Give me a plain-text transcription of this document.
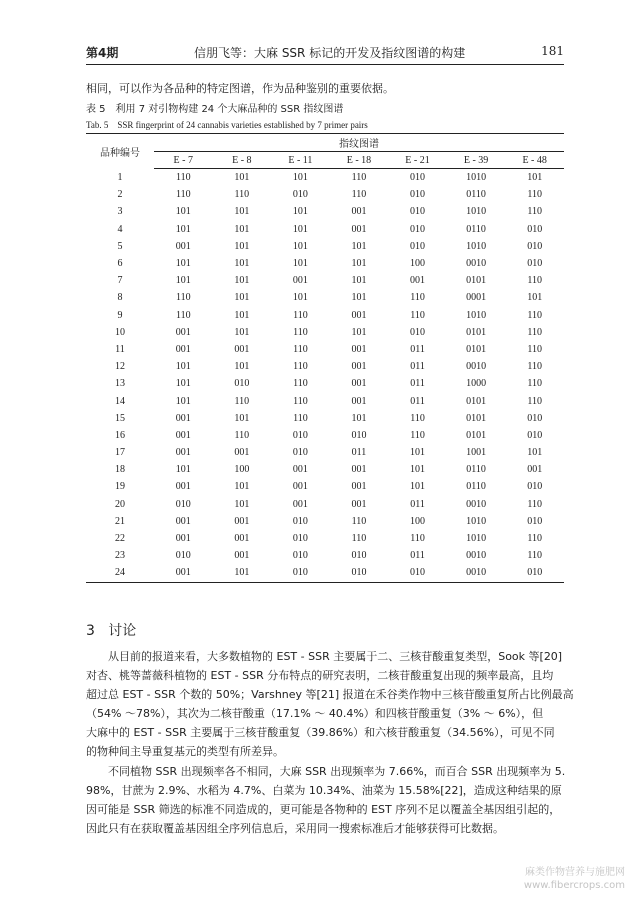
第4期	信朋飞等：大麻 SSR 标记的开发及指纹图谱的构建	181
相同，可以作为各品种的特定图谱，作为品种鉴别的重要依据。
表 5　利用 7 对引物构建 24 个大麻品种的 SSR 指纹图谱
Tab. 5　SSR fingerprint of 24 cannabis varieties established by 7 primer pairs
品种编号	指纹图谱						
	E - 7	E - 8	E - 11	E - 18	E - 21	E - 39	E - 48
1	110	101	101	110	010	1010	101
2	110	110	010	110	010	0110	110
3	101	101	101	001	010	1010	110
4	101	101	101	001	010	0110	010
5	001	101	101	101	010	1010	010
6	101	101	101	101	100	0010	010
7	101	101	001	101	001	0101	110
8	110	101	101	101	110	0001	101
9	110	101	110	001	110	1010	110
10	001	101	110	101	010	0101	110
11	001	001	110	001	011	0101	110
12	101	101	110	001	011	0010	110
13	101	010	110	001	011	1000	110
14	101	110	110	001	011	0101	110
15	001	101	110	101	110	0101	010
16	001	110	010	010	110	0101	010
17	001	001	010	011	101	1001	101
18	101	100	001	001	101	0110	001
19	001	101	001	001	101	0110	010
20	010	101	001	001	011	0010	110
21	001	001	010	110	100	1010	010
22	001	001	010	110	110	1010	110
23	010	001	010	010	011	0010	110
24	001	101	010	010	010	0010	010
3 讨论
　　从目前的报道来看，大多数植物的 EST - SSR 主要属于二、三核苷酸重复类型，Sook 等[20]
对杏、桃等蔷薇科植物的 EST - SSR 分布特点的研究表明，二核苷酸重复出现的频率最高，且均
超过总 EST - SSR 个数的 50%；Varshney 等[21] 报道在禾谷类作物中三核苷酸重复所占比例最高
（54% ～78%），其次为二核苷酸重（17.1% ～ 40.4%）和四核苷酸重复（3% ～ 6%），但
大麻中的 EST - SSR 主要属于三核苷酸重复（39.86%）和六核苷酸重复（34.56%），可见不同
的物种间主导重复基元的类型有所差异。
　　不同植物 SSR 出现频率各不相同，大麻 SSR 出现频率为 7.66%，而百合 SSR 出现频率为 5.
98%，甘蔗为 2.9%、水稻为 4.7%、白菜为 10.34%、油菜为 15.58%[22]，造成这种结果的原
因可能是 SSR 筛选的标准不同造成的，更可能是各物种的 EST 序列不足以覆盖全基因组引起的，
因此只有在获取覆盖基因组全序列信息后，采用同一搜索标准后才能够获得可比数据。
麻类作物营养与施肥网
www.fibercrops.com
